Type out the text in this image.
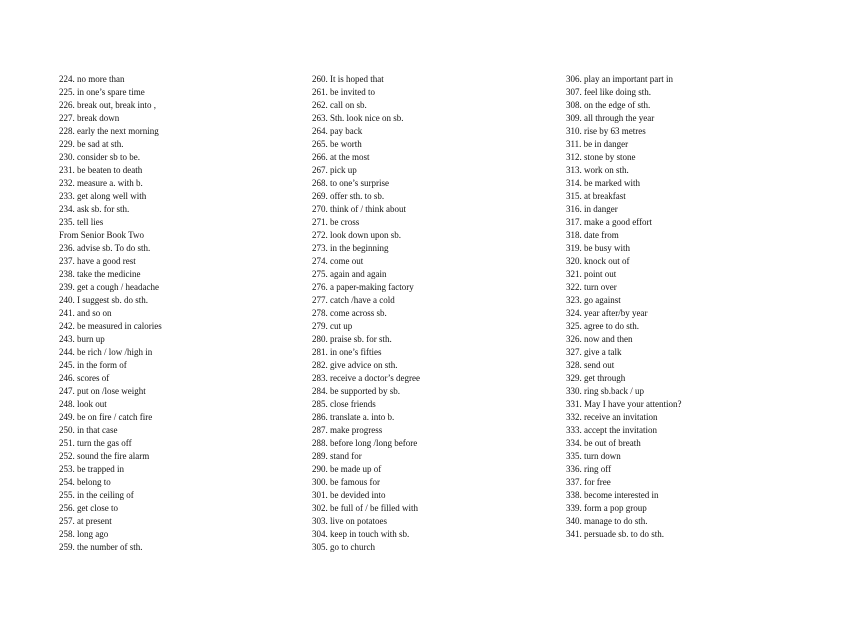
224. no more than
225. in one’s spare time
226. break out, break into ,
227. break down
228. early the next morning
229. be sad at sth.
230. consider sb to be.
231. be beaten to death
232. measure a. with b.
233. get along well with
234. ask sb. for sth.
235. tell lies
From Senior Book Two
236. advise sb. To do sth.
237. have a good rest
238. take the medicine
239. get a cough / headache
240. I suggest sb. do sth.
241. and so on
242. be measured in calories
243. burn up
244. be rich / low /high in
245. in the form of
246. scores of
247. put on /lose weight
248. look out
249. be on fire / catch fire
250. in that case
251. turn the gas off
252. sound the fire alarm
253. be trapped in
254. belong to
255. in the ceiling of
256. get close to
257. at present
258. long ago
259. the number of sth.
260. It is hoped that
261. be invited to
262. call on sb.
263. Sth. look nice on sb.
264. pay back
265. be worth
266. at the most
267. pick up
268. to one’s surprise
269. offer sth. to sb.
270. think of / think about
271. be cross
272. look down upon sb.
273. in the beginning
274. come out
275. again and again
276. a paper-making factory
277. catch /have a cold
278. come across sb.
279. cut up
280. praise sb. for sth.
281. in one’s fifties
282. give advice on sth.
283. receive a doctor’s degree
284. be supported by sb.
285. close friends
286. translate a. into b.
287. make progress
288. before long /long before
289. stand for
290. be made up of
300. be famous for
301. be devided into
302. be full of / be filled with
303. live on potatoes
304. keep in touch with sb.
305. go to church
306. play an important part in
307. feel like doing sth.
308. on the edge of sth.
309. all through the year
310. rise by 63 metres
311. be in danger
312. stone by stone
313. work on sth.
314. be marked with
315. at breakfast
316. in danger
317. make a good effort
318. date from
319. be busy with
320. knock out of
321. point out
322. turn over
323. go against
324. year after/by year
325. agree to do sth.
326. now and then
327. give a talk
328. send out
329. get through
330. ring sb.back / up
331. May I have your attention?
332. receive an invitation
333. accept the invitation
334. be out of breath
335. turn down
336. ring off
337. for free
338. become interested in
339. form a pop group
340. manage to do sth.
341. persuade sb. to do sth.
